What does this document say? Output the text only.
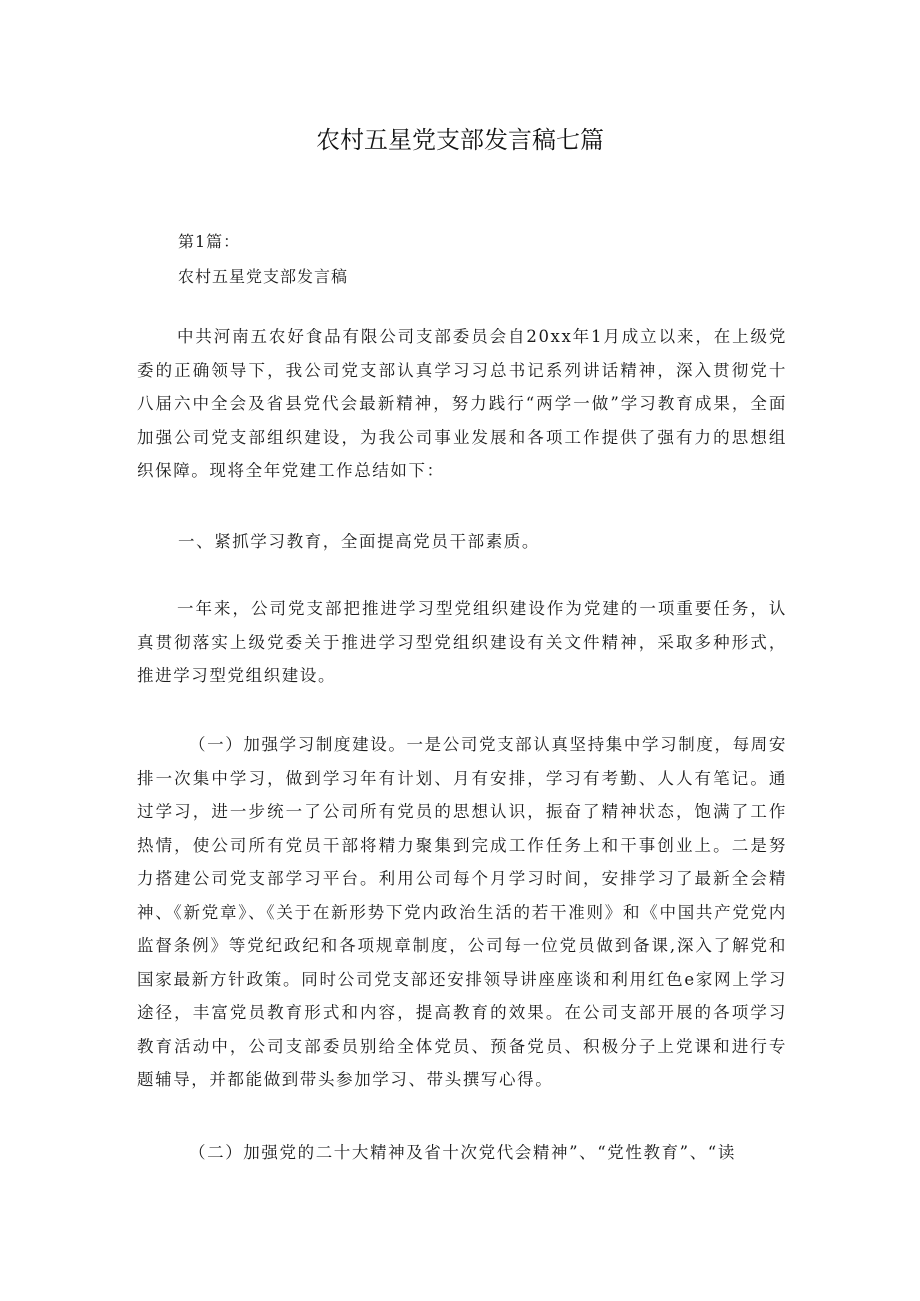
农村五星党支部发言稿七篇
第1篇：
农村五星党支部发言稿

中共河南五农好食品有限公司支部委员会自20xx年1月成立以来，在上级党委的正确领导下，我公司党支部认真学习习总书记系列讲话精神，深入贯彻党十八届六中全会及省县党代会最新精神，努力践行“两学一做”学习教育成果，全面加强公司党支部组织建设，为我公司事业发展和各项工作提供了强有力的思想组织保障。现将全年党建工作总结如下：

一、紧抓学习教育，全面提高党员干部素质。

一年来，公司党支部把推进学习型党组织建设作为党建的一项重要任务，认真贯彻落实上级党委关于推进学习型党组织建设有关文件精神，采取多种形式，推进学习型党组织建设。

（一）加强学习制度建设。一是公司党支部认真坚持集中学习制度，每周安排一次集中学习，做到学习年有计划、月有安排，学习有考勤、人人有笔记。通过学习，进一步统一了公司所有党员的思想认识，振奋了精神状态，饱满了工作热情，使公司所有党员干部将精力聚集到完成工作任务上和干事创业上。二是努力搭建公司党支部学习平台。利用公司每个月学习时间，安排学习了最新全会精神、《新党章》、《关于在新形势下党内政治生活的若干准则》和《中国共产党党内监督条例》等党纪政纪和各项规章制度，公司每一位党员做到备课,深入了解党和国家最新方针政策。同时公司党支部还安排领导讲座座谈和利用红色e家网上学习途径，丰富党员教育形式和内容，提高教育的效果。在公司支部开展的各项学习教育活动中，公司支部委员别给全体党员、预备党员、积极分子上党课和进行专题辅导，并都能做到带头参加学习、带头撰写心得。

（二）加强党的二十大精神及省十次党代会精神”、“党性教育”、“读
